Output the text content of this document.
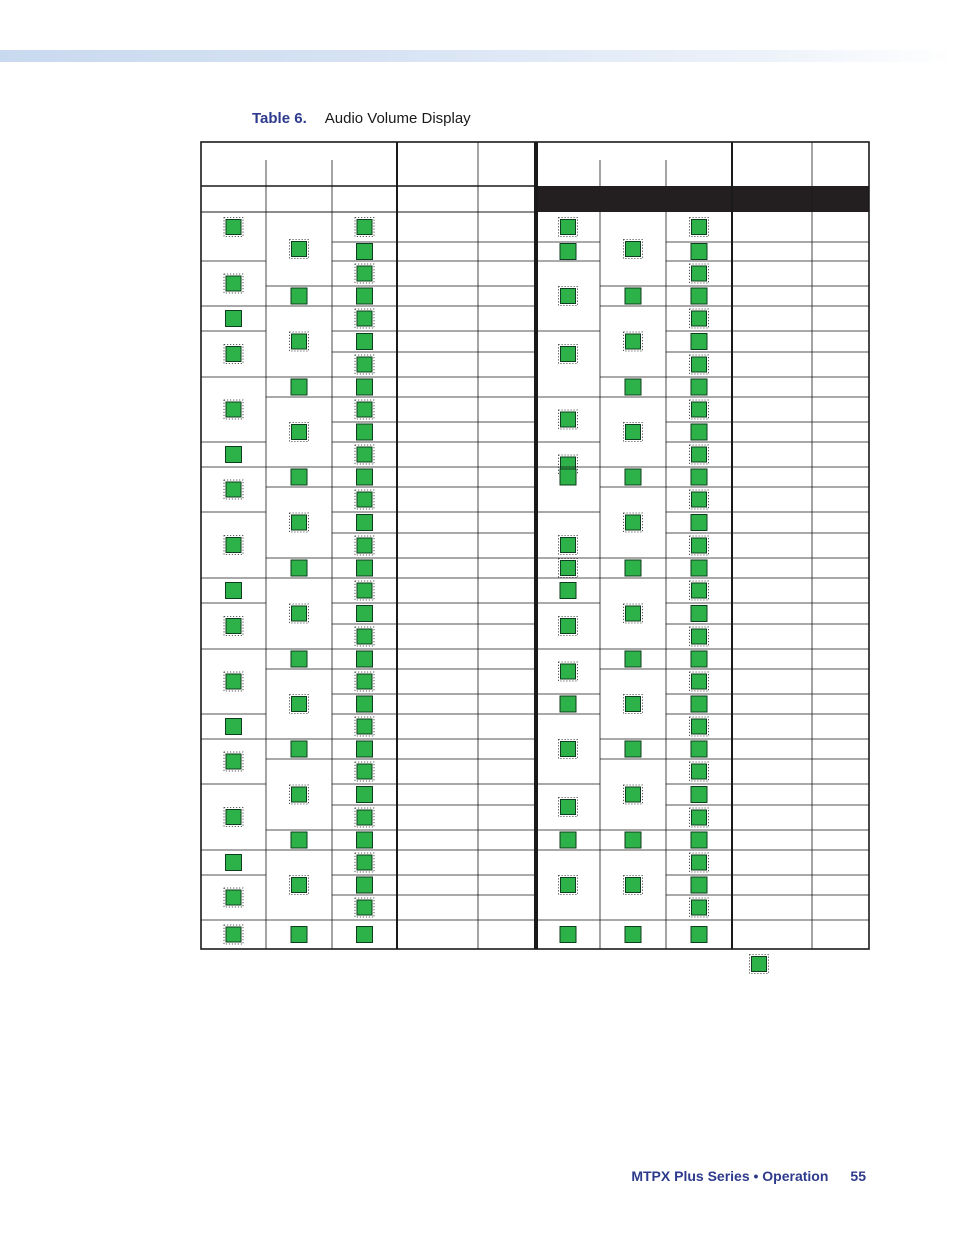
Table 6. Audio Volume Display
MTPX Plus Series • Operation 55
